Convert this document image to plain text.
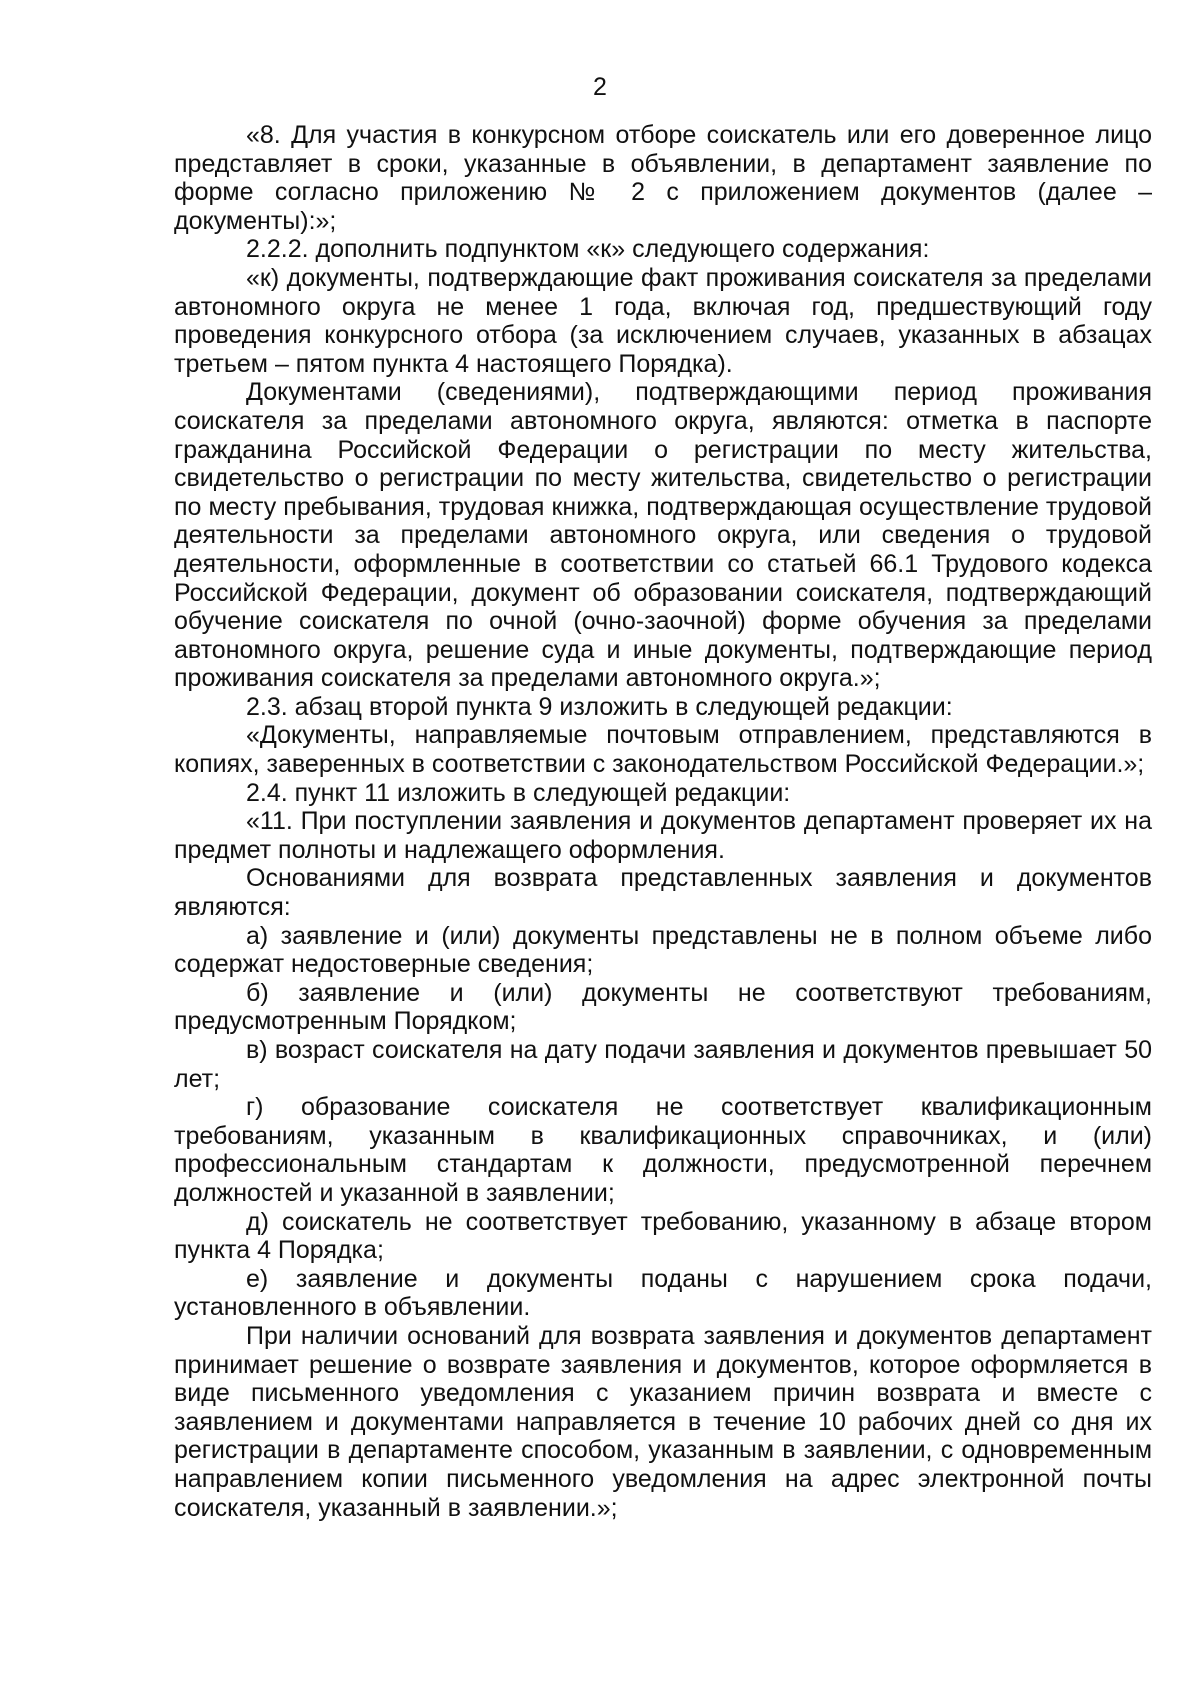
2

«8. Для участия в конкурсном отборе соискатель или его доверенное лицо представляет в сроки, указанные в объявлении, в департамент заявление по форме согласно приложению № 2 с приложением документов (далее – документы):»;

2.2.2. дополнить подпунктом «к» следующего содержания:

«к) документы, подтверждающие факт проживания соискателя за пределами автономного округа не менее 1 года, включая год, предшествующий году проведения конкурсного отбора (за исключением случаев, указанных в абзацах третьем – пятом пункта 4 настоящего Порядка).

Документами (сведениями), подтверждающими период проживания соискателя за пределами автономного округа, являются: отметка в паспорте гражданина Российской Федерации о регистрации по месту жительства, свидетельство о регистрации по месту жительства, свидетельство о регистрации по месту пребывания, трудовая книжка, подтверждающая осуществление трудовой деятельности за пределами автономного округа, или сведения о трудовой деятельности, оформленные в соответствии со статьей 66.1 Трудового кодекса Российской Федерации, документ об образовании соискателя, подтверждающий обучение соискателя по очной (очно-заочной) форме обучения за пределами автономного округа, решение суда и иные документы, подтверждающие период проживания соискателя за пределами автономного округа.»;

2.3. абзац второй пункта 9 изложить в следующей редакции:

«Документы, направляемые почтовым отправлением, представляются в копиях, заверенных в соответствии с законодательством Российской Федерации.»;

2.4. пункт 11 изложить в следующей редакции:

«11. При поступлении заявления и документов департамент проверяет их на предмет полноты и надлежащего оформления.

Основаниями для возврата представленных заявления и документов являются:

а) заявление и (или) документы представлены не в полном объеме либо содержат недостоверные сведения;

б) заявление и (или) документы не соответствуют требованиям, предусмотренным Порядком;

в) возраст соискателя на дату подачи заявления и документов превышает 50 лет;

г) образование соискателя не соответствует квалификационным требованиям, указанным в квалификационных справочниках, и (или) профессиональным стандартам к должности, предусмотренной перечнем должностей и указанной в заявлении;

д) соискатель не соответствует требованию, указанному в абзаце втором пункта 4 Порядка;

е) заявление и документы поданы с нарушением срока подачи, установленного в объявлении.

При наличии оснований для возврата заявления и документов департамент принимает решение о возврате заявления и документов, которое оформляется в виде письменного уведомления с указанием причин возврата и вместе с заявлением и документами направляется в течение 10 рабочих дней со дня их регистрации в департаменте способом, указанным в заявлении, с одновременным направлением копии письменного уведомления на адрес электронной почты соискателя, указанный в заявлении.»;
